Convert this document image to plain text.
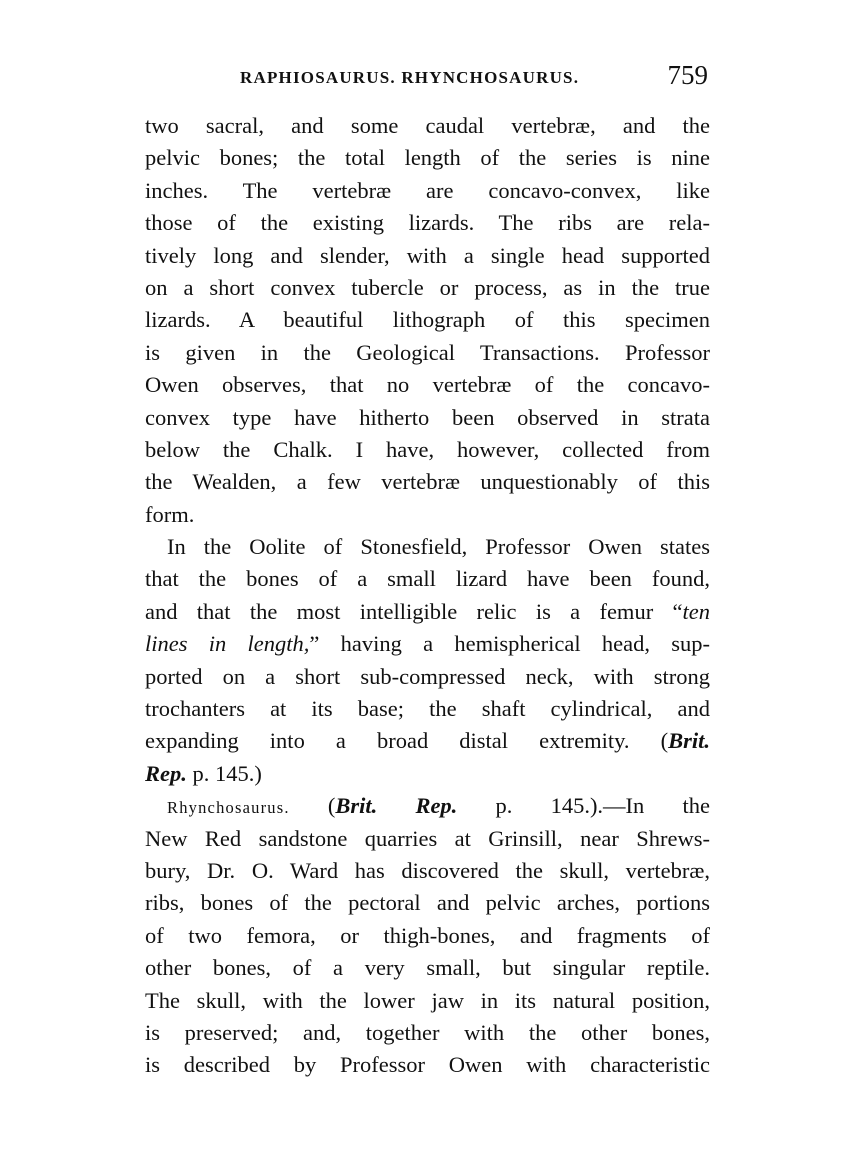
RAPHIOSAURUS. RHYNCHOSAURUS.	759
two sacral, and some caudal vertebræ, and the
pelvic bones; the total length of the series is nine
inches. The vertebræ are concavo-convex, like
those of the existing lizards. The ribs are rela-
tively long and slender, with a single head supported
on a short convex tubercle or process, as in the true
lizards. A beautiful lithograph of this specimen
is given in the Geological Transactions. Professor
Owen observes, that no vertebræ of the concavo-
convex type have hitherto been observed in strata
below the Chalk. I have, however, collected from
the Wealden, a few vertebræ unquestionably of this
form.
In the Oolite of Stonesfield, Professor Owen states
that the bones of a small lizard have been found,
and that the most intelligible relic is a femur “ten
lines in length,” having a hemispherical head, sup-
ported on a short sub-compressed neck, with strong
trochanters at its base; the shaft cylindrical, and
expanding into a broad distal extremity. (Brit.
Rep. p. 145.)
Rhynchosaurus. (Brit. Rep. p. 145.).—In the
New Red sandstone quarries at Grinsill, near Shrews-
bury, Dr. O. Ward has discovered the skull, vertebræ,
ribs, bones of the pectoral and pelvic arches, portions
of two femora, or thigh-bones, and fragments of
other bones, of a very small, but singular reptile.
The skull, with the lower jaw in its natural position,
is preserved; and, together with the other bones,
is described by Professor Owen with characteristic
